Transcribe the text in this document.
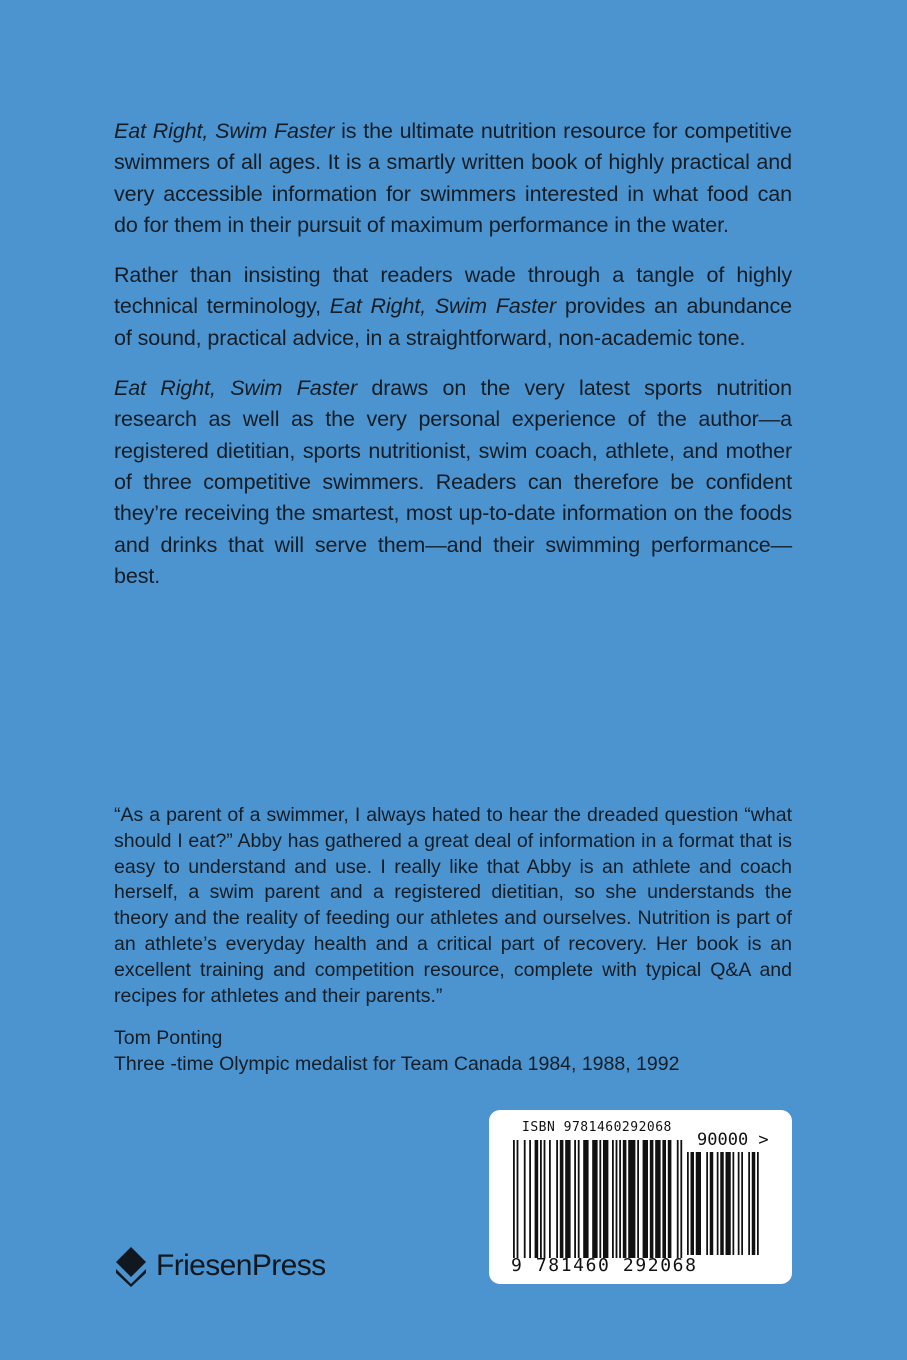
Eat Right, Swim Faster is the ultimate nutrition resource for competitive swimmers of all ages. It is a smartly written book of highly practical and very accessible information for swimmers interested in what food can do for them in their pursuit of maximum performance in the water.

Rather than insisting that readers wade through a tangle of highly technical terminology, Eat Right, Swim Faster provides an abundance of sound, practical advice, in a straightforward, non-academic tone.

Eat Right, Swim Faster draws on the very latest sports nutrition research as well as the very personal experience of the author—a registered dietitian, sports nutritionist, swim coach, athlete, and mother of three competitive swimmers. Readers can therefore be confident they’re receiving the smartest, most up-to-date information on the foods and drinks that will serve them—and their swimming performance—best.

“As a parent of a swimmer, I always hated to hear the dreaded question “what should I eat?” Abby has gathered a great deal of information in a format that is easy to understand and use. I really like that Abby is an athlete and coach herself, a swim parent and a registered dietitian, so she understands the theory and the reality of feeding our athletes and ourselves. Nutrition is part of an athlete’s everyday health and a critical part of recovery. Her book is an excellent training and competition resource, complete with typical Q&A and recipes for athletes and their parents.”
Tom Ponting
Three -time Olympic medalist for Team Canada 1984, 1988, 1992
FriesenPress
ISBN 9781460292068
90000 >
9 781460 292068
